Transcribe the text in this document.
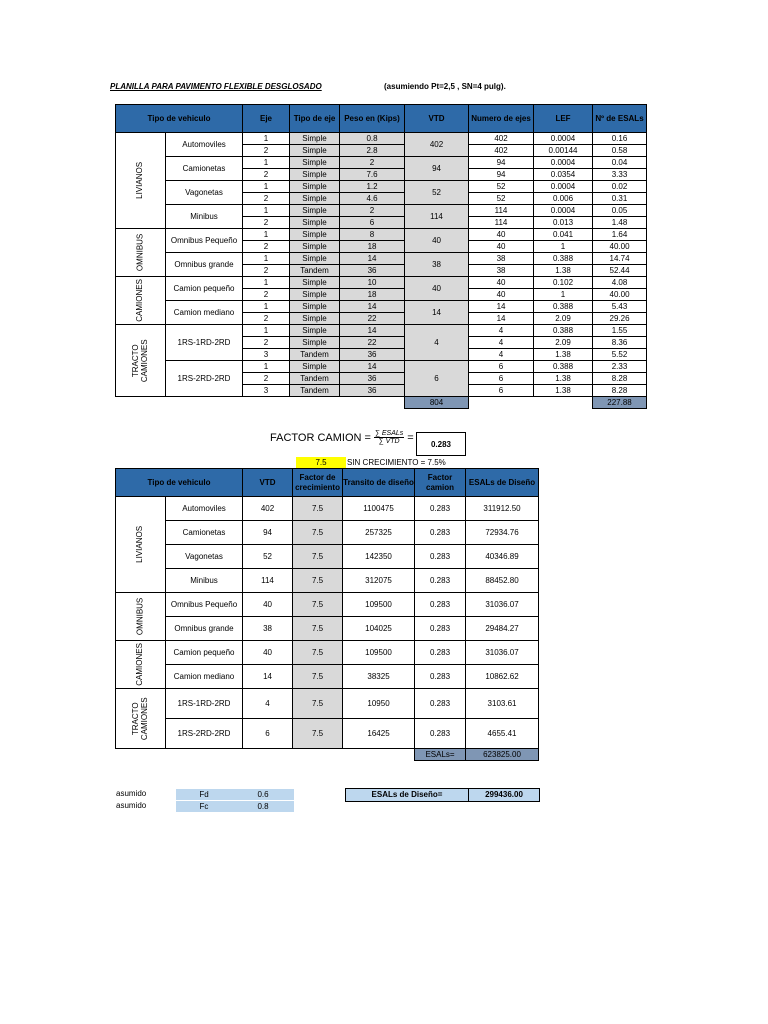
PLANILLA PARA PAVIMENTO FLEXIBLE DESGLOSADO	(asumiendo Pt=2,5 , SN=4 pulg).
Tipo de vehiculo		Eje	Tipo de eje	Peso en (Kips)	VTD	Numero de ejes	LEF	Nº de ESALs
LIVIANOS	Automoviles	1	Simple	0.8	402	402	0.0004	0.16
		2	Simple	2.8		402	0.00144	0.58
	Camionetas	1	Simple	2	94	94	0.0004	0.04
		2	Simple	7.6		94	0.0354	3.33
	Vagonetas	1	Simple	1.2	52	52	0.0004	0.02
		2	Simple	4.6		52	0.006	0.31
	Minibus	1	Simple	2	114	114	0.0004	0.05
		2	Simple	6		114	0.013	1.48
OMNIBUS	Omnibus Pequeño	1	Simple	8	40	40	0.041	1.64
		2	Simple	18		40	1	40.00
	Omnibus grande	1	Simple	14	38	38	0.388	14.74
		2	Tandem	36		38	1.38	52.44
CAMIONES	Camion pequeño	1	Simple	10	40	40	0.102	4.08
		2	Simple	18		40	1	40.00
	Camion mediano	1	Simple	14	14	14	0.388	5.43
		2	Simple	22		14	2.09	29.26
TRACTO CAMIONES	1RS-1RD-2RD	1	Simple	14	4	4	0.388	1.55
		2	Simple	22		4	2.09	8.36
		3	Tandem	36		4	1.38	5.52
	1RS-2RD-2RD	1	Simple	14	6	6	0.388	2.33
		2	Tandem	36		6	1.38	8.28
		3	Tandem	36		6	1.38	8.28
					804			227.88
FACTOR CAMION = $\frac{\text{∑ ESALs}}{\text{∑ VTD}}$ =
0.283
7.5	SIN CRECIMIENTO = 7.5%
Tipo de vehiculo		VTD	Factor de crecimiento	Transito de diseño	Factor camion	ESALs de Diseño
LIVIANOS	Automoviles	402	7.5	1100475	0.283	311912.50
	Camionetas	94	7.5	257325	0.283	72934.76
	Vagonetas	52	7.5	142350	0.283	40346.89
	Minibus	114	7.5	312075	0.283	88452.80
OMNIBUS	Omnibus Pequeño	40	7.5	109500	0.283	31036.07
	Omnibus grande	38	7.5	104025	0.283	29484.27
CAMIONES	Camion pequeño	40	7.5	109500	0.283	31036.07
	Camion mediano	14	7.5	38325	0.283	10862.62
TRACTO CAMIONES	1RS-1RD-2RD	4	7.5	10950	0.283	3103.61
	1RS-2RD-2RD	6	7.5	16425	0.283	4655.41
					ESALs=	623825.00
asumido	Fd	0.6
asumido	Fc	0.8
ESALs de Diseño=	299436.00
